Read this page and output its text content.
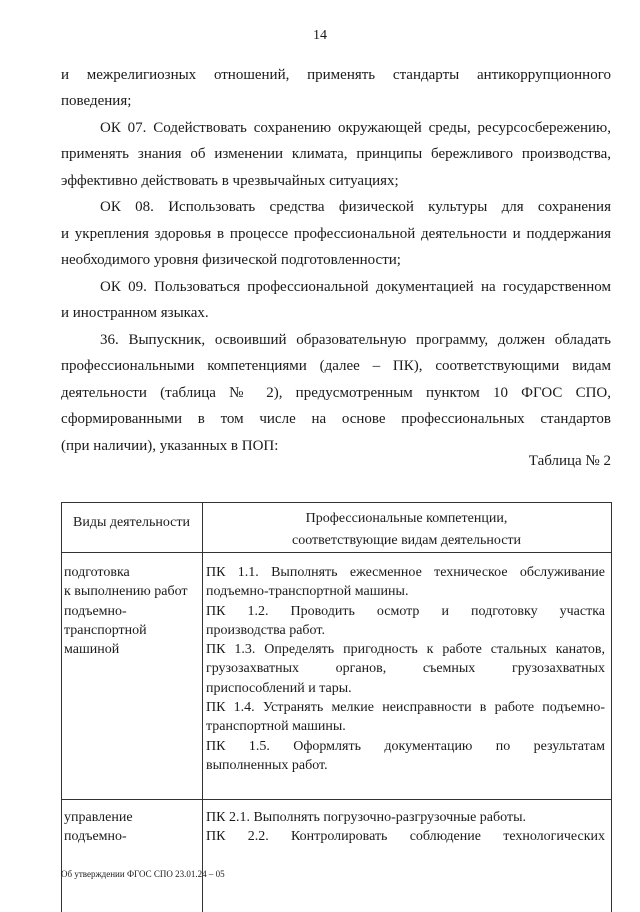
14
и межрелигиозных отношений, применять стандарты антикоррупционного
поведения;
ОК 07. Содействовать сохранению окружающей среды, ресурсосбережению,
применять знания об изменении климата, принципы бережливого производства,
эффективно действовать в чрезвычайных ситуациях;
ОК 08. Использовать средства физической культуры для сохранения
и укрепления здоровья в процессе профессиональной деятельности и поддержания
необходимого уровня физической подготовленности;
ОК 09. Пользоваться профессиональной документацией на государственном
и иностранном языках.
36. Выпускник, освоивший образовательную программу, должен обладать
профессиональными компетенциями (далее – ПК), соответствующими видам
деятельности (таблица № 2), предусмотренным пунктом 10 ФГОС СПО,
сформированными в том числе на основе профессиональных стандартов
(при наличии), указанных в ПОП:
Таблица № 2
Виды деятельности	Профессиональные компетенции,
соответствующие видам деятельности
подготовка
к выполнению работ
подъемно-
транспортной
машиной
ПК 1.1. Выполнять ежесменное техническое обслуживание
подъемно-транспортной машины.
ПК 1.2. Проводить осмотр и подготовку участка
производства работ.
ПК 1.3. Определять пригодность к работе стальных канатов,
грузозахватных органов, съемных грузозахватных
приспособлений и тары.
ПК 1.4. Устранять мелкие неисправности в работе подъемно-
транспортной машины.
ПК 1.5. Оформлять документацию по результатам
выполненных работ.
управление
подъемно-
ПК 2.1. Выполнять погрузочно-разгрузочные работы.
ПК 2.2. Контролировать соблюдение технологических
Об утверждении ФГОС СПО 23.01.24 – 05
